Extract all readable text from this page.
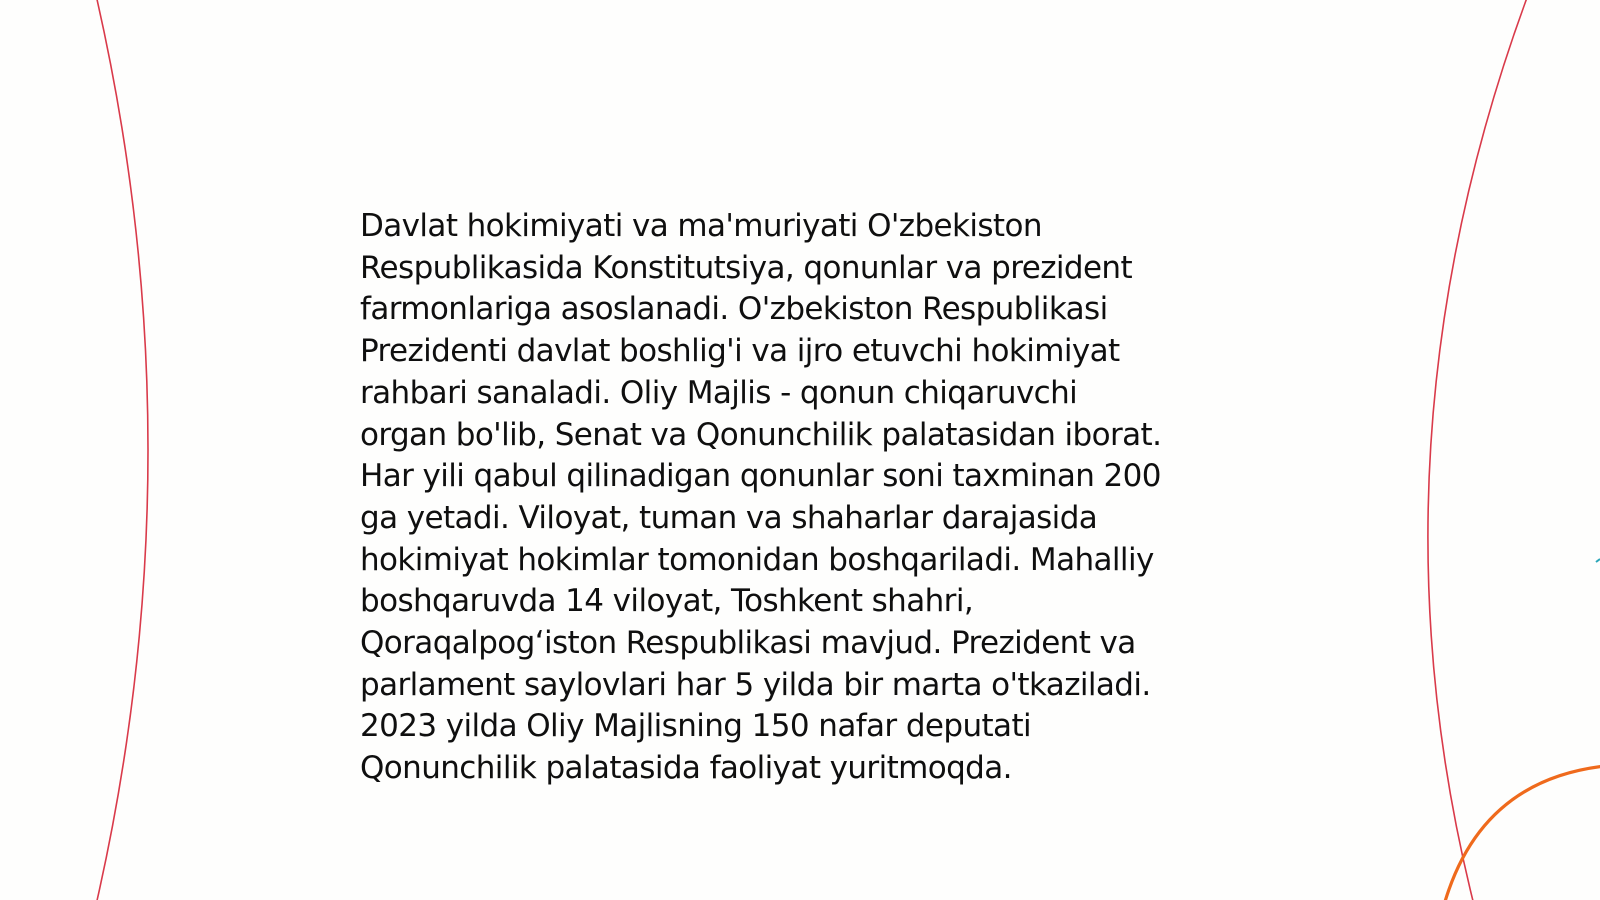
Davlat hokimiyati va ma'muriyati O'zbekiston
Respublikasida Konstitutsiya, qonunlar va prezident
farmonlariga asoslanadi. O'zbekiston Respublikasi
Prezidenti davlat boshlig'i va ijro etuvchi hokimiyat
rahbari sanaladi. Oliy Majlis - qonun chiqaruvchi
organ bo'lib, Senat va Qonunchilik palatasidan iborat.
Har yili qabul qilinadigan qonunlar soni taxminan 200
ga yetadi. Viloyat, tuman va shaharlar darajasida
hokimiyat hokimlar tomonidan boshqariladi. Mahalliy
boshqaruvda 14 viloyat, Toshkent shahri,
Qoraqalpog‘iston Respublikasi mavjud. Prezident va
parlament saylovlari har 5 yilda bir marta o'tkaziladi.
2023 yilda Oliy Majlisning 150 nafar deputati
Qonunchilik palatasida faoliyat yuritmoqda.
